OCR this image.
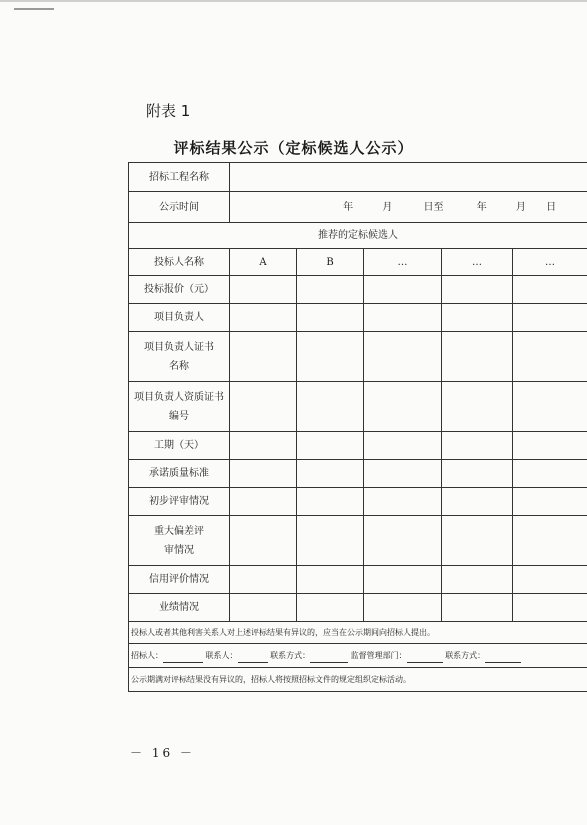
附表 1
评标结果公示（定标候选人公示）
招标工程名称					
公示时间	年 月 日至 年 月 日				
推荐的定标候选人					
投标人名称	A	B	…	…	…
投标报价（元）					
项目负责人					
项目负责人证书名称					
项目负责人资质证书编号					
工期（天）					
承诺质量标准					
初步评审情况					
重大偏差评审情况					
信用评价情况					
业绩情况					
投标人或者其他利害关系人对上述评标结果有异议的，应当在公示期间向招标人提出。					
招标人： 联系人： 联系方式： 监督管理部门： 联系方式：					
公示期满对评标结果没有异议的，招标人将按照招标文件的规定组织定标活动。					
－ 16 －
